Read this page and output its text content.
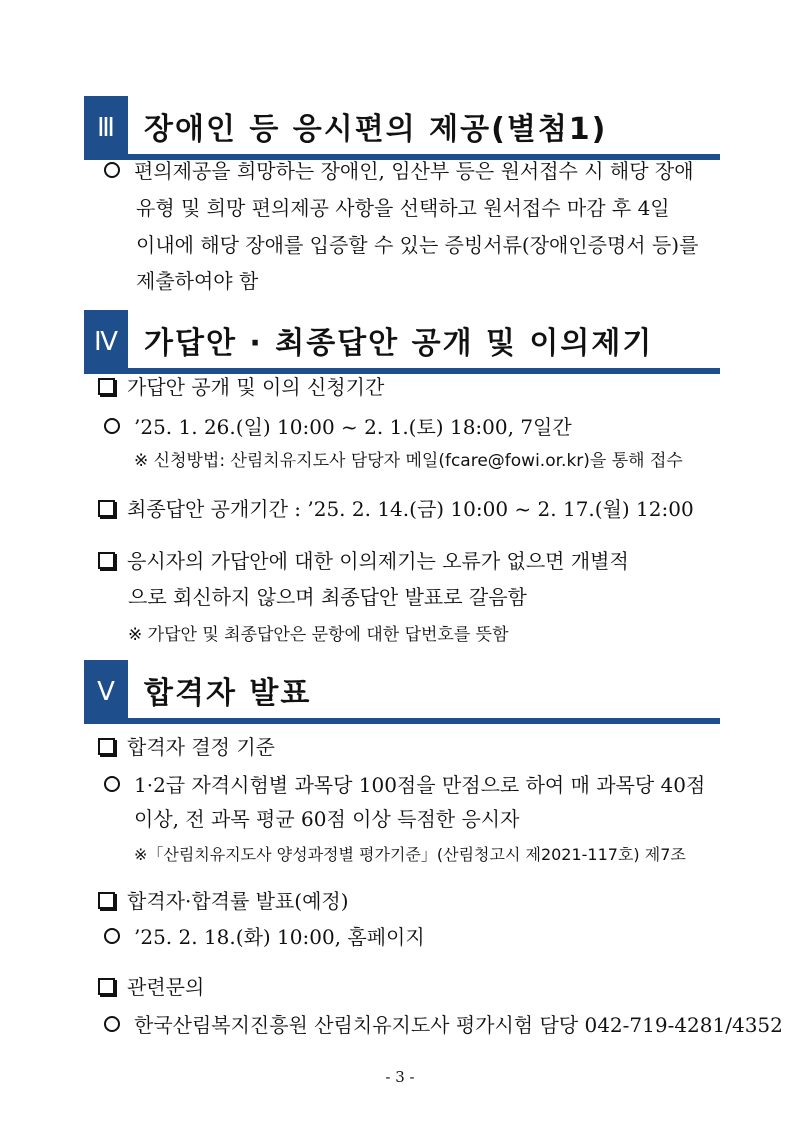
Ⅲ 장애인 등 응시편의 제공(별첨1)
편의제공을 희망하는 장애인, 임산부 등은 원서접수 시 해당 장애
유형 및 희망 편의제공 사항을 선택하고 원서접수 마감 후 4일
이내에 해당 장애를 입증할 수 있는 증빙서류(장애인증명서 등)를
제출하여야 함
Ⅳ 가답안 · 최종답안 공개 및 이의제기
가답안 공개 및 이의 신청기간
’25. 1. 26.(일) 10:00 ~ 2. 1.(토) 18:00, 7일간
※ 신청방법: 산림치유지도사 담당자 메일(fcare@fowi.or.kr)을 통해 접수
최종답안 공개기간 : ’25. 2. 14.(금) 10:00 ~ 2. 17.(월) 12:00
응시자의 가답안에 대한 이의제기는 오류가 없으면 개별적
으로 회신하지 않으며 최종답안 발표로 갈음함
※ 가답안 및 최종답안은 문항에 대한 답번호를 뜻함
Ⅴ 합격자 발표
합격자 결정 기준
1·2급 자격시험별 과목당 100점을 만점으로 하여 매 과목당 40점
이상, 전 과목 평균 60점 이상 득점한 응시자
※「산림치유지도사 양성과정별 평가기준」(산림청고시 제2021-117호) 제7조
합격자·합격률 발표(예정)
’25. 2. 18.(화) 10:00, 홈페이지
관련문의
한국산림복지진흥원 산림치유지도사 평가시험 담당 042-719-4281/4352
- 3 -
